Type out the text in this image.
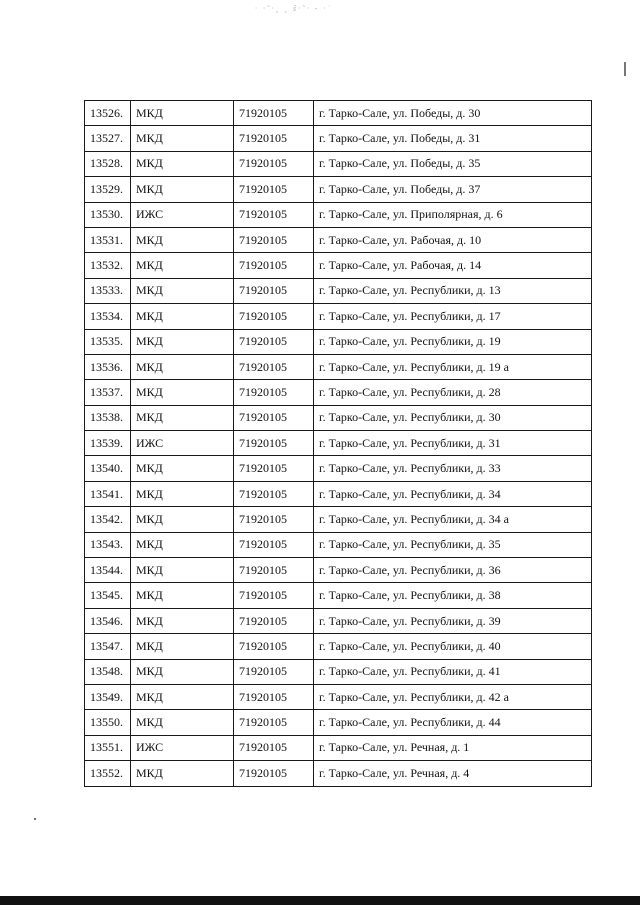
· ·˜·¸ ¸ ŝ·˜· - ·˙
13526.	МКД	71920105	г. Тарко-Сале, ул. Победы, д. 30
13527.	МКД	71920105	г. Тарко-Сале, ул. Победы, д. 31
13528.	МКД	71920105	г. Тарко-Сале, ул. Победы, д. 35
13529.	МКД	71920105	г. Тарко-Сале, ул. Победы, д. 37
13530.	ИЖС	71920105	г. Тарко-Сале, ул. Приполярная, д. 6
13531.	МКД	71920105	г. Тарко-Сале, ул. Рабочая, д. 10
13532.	МКД	71920105	г. Тарко-Сале, ул. Рабочая, д. 14
13533.	МКД	71920105	г. Тарко-Сале, ул. Республики, д. 13
13534.	МКД	71920105	г. Тарко-Сале, ул. Республики, д. 17
13535.	МКД	71920105	г. Тарко-Сале, ул. Республики, д. 19
13536.	МКД	71920105	г. Тарко-Сале, ул. Республики, д. 19 а
13537.	МКД	71920105	г. Тарко-Сале, ул. Республики, д. 28
13538.	МКД	71920105	г. Тарко-Сале, ул. Республики, д. 30
13539.	ИЖС	71920105	г. Тарко-Сале, ул. Республики, д. 31
13540.	МКД	71920105	г. Тарко-Сале, ул. Республики, д. 33
13541.	МКД	71920105	г. Тарко-Сале, ул. Республики, д. 34
13542.	МКД	71920105	г. Тарко-Сале, ул. Республики, д. 34 а
13543.	МКД	71920105	г. Тарко-Сале, ул. Республики, д. 35
13544.	МКД	71920105	г. Тарко-Сале, ул. Республики, д. 36
13545.	МКД	71920105	г. Тарко-Сале, ул. Республики, д. 38
13546.	МКД	71920105	г. Тарко-Сале, ул. Республики, д. 39
13547.	МКД	71920105	г. Тарко-Сале, ул. Республики, д. 40
13548.	МКД	71920105	г. Тарко-Сале, ул. Республики, д. 41
13549.	МКД	71920105	г. Тарко-Сале, ул. Республики, д. 42 а
13550.	МКД	71920105	г. Тарко-Сале, ул. Республики, д. 44
13551.	ИЖС	71920105	г. Тарко-Сале, ул. Речная, д. 1
13552.	МКД	71920105	г. Тарко-Сале, ул. Речная, д. 4
